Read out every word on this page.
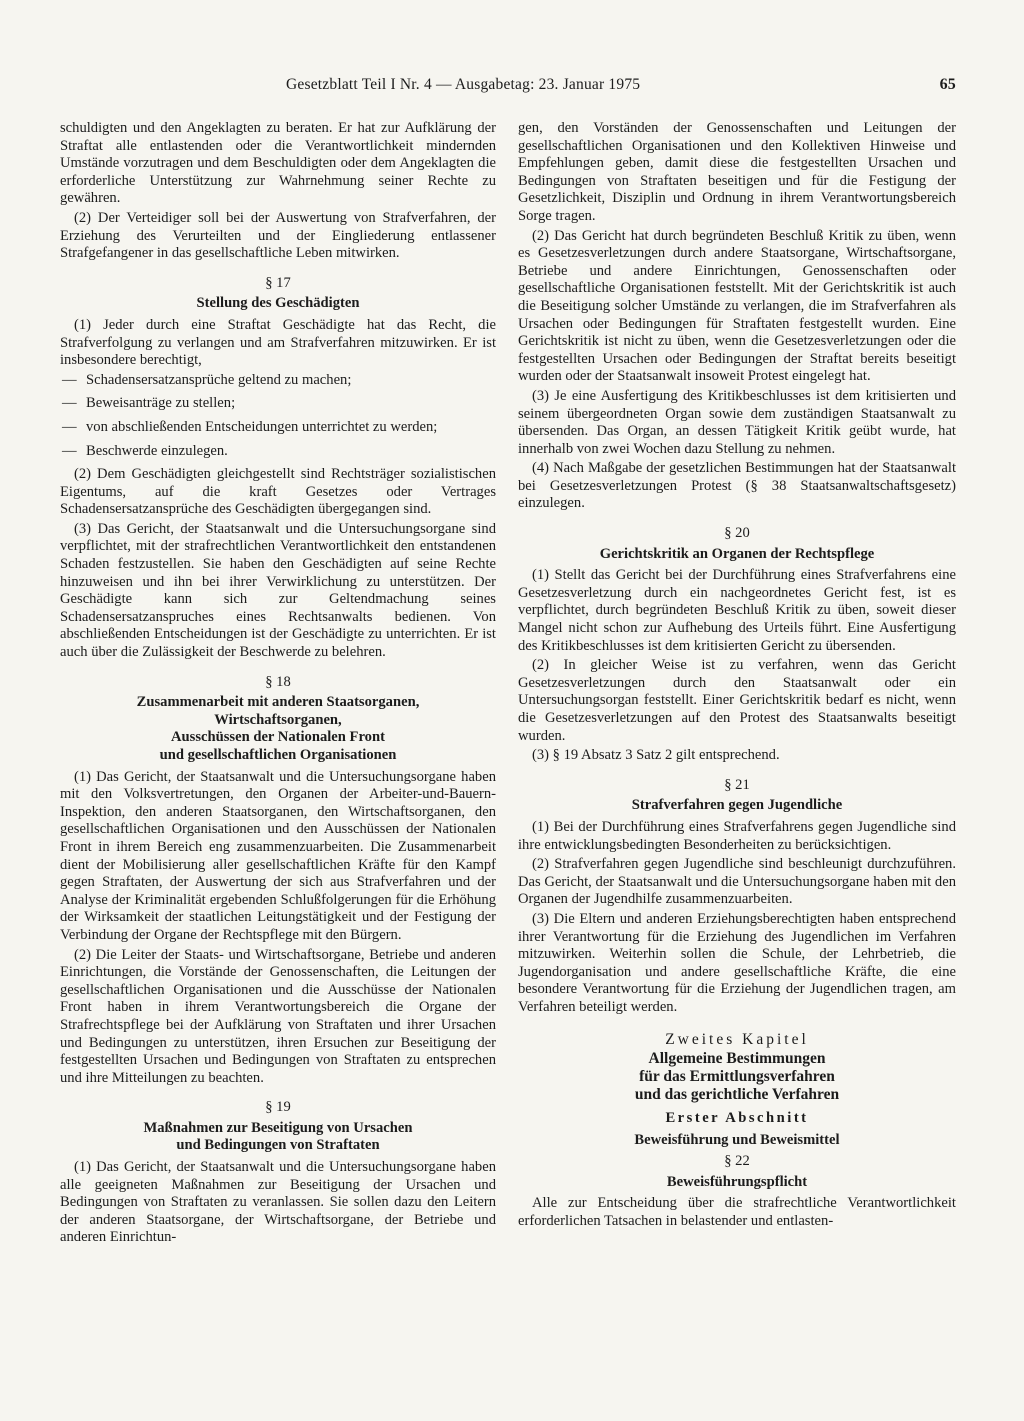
Gesetzblatt Teil I Nr. 4 — Ausgabetag: 23. Januar 1975	65

schuldigten und den Angeklagten zu beraten. Er hat zur Aufklärung der Straftat alle entlastenden oder die Verantwortlichkeit mindernden Umstände vorzutragen und dem Beschuldigten oder dem Angeklagten die erforderliche Unterstützung zur Wahrnehmung seiner Rechte zu gewähren.

(2) Der Verteidiger soll bei der Auswertung von Strafverfahren, der Erziehung des Verurteilten und der Eingliederung entlassener Strafgefangener in das gesellschaftliche Leben mitwirken.

§ 17
Stellung des Geschädigten

(1) Jeder durch eine Straftat Geschädigte hat das Recht, die Strafverfolgung zu verlangen und am Strafverfahren mitzuwirken. Er ist insbesondere berechtigt,

— Schadensersatzansprüche geltend zu machen;
— Beweisanträge zu stellen;
— von abschließenden Entscheidungen unterrichtet zu werden;
— Beschwerde einzulegen.

(2) Dem Geschädigten gleichgestellt sind Rechtsträger sozialistischen Eigentums, auf die kraft Gesetzes oder Vertrages Schadensersatzansprüche des Geschädigten übergegangen sind.

(3) Das Gericht, der Staatsanwalt und die Untersuchungsorgane sind verpflichtet, mit der strafrechtlichen Verantwortlichkeit den entstandenen Schaden festzustellen. Sie haben den Geschädigten auf seine Rechte hinzuweisen und ihn bei ihrer Verwirklichung zu unterstützen. Der Geschädigte kann sich zur Geltendmachung seines Schadensersatzanspruches eines Rechtsanwalts bedienen. Von abschließenden Entscheidungen ist der Geschädigte zu unterrichten. Er ist auch über die Zulässigkeit der Beschwerde zu belehren.

§ 18
Zusammenarbeit mit anderen Staatsorganen,
Wirtschaftsorganen,
Ausschüssen der Nationalen Front
und gesellschaftlichen Organisationen

(1) Das Gericht, der Staatsanwalt und die Untersuchungsorgane haben mit den Volksvertretungen, den Organen der Arbeiter-und-Bauern-Inspektion, den anderen Staatsorganen, den Wirtschaftsorganen, den gesellschaftlichen Organisationen und den Ausschüssen der Nationalen Front in ihrem Bereich eng zusammenzuarbeiten. Die Zusammenarbeit dient der Mobilisierung aller gesellschaftlichen Kräfte für den Kampf gegen Straftaten, der Auswertung der sich aus Strafverfahren und der Analyse der Kriminalität ergebenden Schlußfolgerungen für die Erhöhung der Wirksamkeit der staatlichen Leitungstätigkeit und der Festigung der Verbindung der Organe der Rechtspflege mit den Bürgern.

(2) Die Leiter der Staats- und Wirtschaftsorgane, Betriebe und anderen Einrichtungen, die Vorstände der Genossenschaften, die Leitungen der gesellschaftlichen Organisationen und die Ausschüsse der Nationalen Front haben in ihrem Verantwortungsbereich die Organe der Strafrechtspflege bei der Aufklärung von Straftaten und ihrer Ursachen und Bedingungen zu unterstützen, ihren Ersuchen zur Beseitigung der festgestellten Ursachen und Bedingungen von Straftaten zu entsprechen und ihre Mitteilungen zu beachten.

§ 19
Maßnahmen zur Beseitigung von Ursachen
und Bedingungen von Straftaten

(1) Das Gericht, der Staatsanwalt und die Untersuchungsorgane haben alle geeigneten Maßnahmen zur Beseitigung der Ursachen und Bedingungen von Straftaten zu veranlassen. Sie sollen dazu den Leitern der anderen Staatsorgane, der Wirtschaftsorgane, der Betriebe und anderen Einrichtun-

gen, den Vorständen der Genossenschaften und Leitungen der gesellschaftlichen Organisationen und den Kollektiven Hinweise und Empfehlungen geben, damit diese die festgestellten Ursachen und Bedingungen von Straftaten beseitigen und für die Festigung der Gesetzlichkeit, Disziplin und Ordnung in ihrem Verantwortungsbereich Sorge tragen.

(2) Das Gericht hat durch begründeten Beschluß Kritik zu üben, wenn es Gesetzesverletzungen durch andere Staatsorgane, Wirtschaftsorgane, Betriebe und andere Einrichtungen, Genossenschaften oder gesellschaftliche Organisationen feststellt. Mit der Gerichtskritik ist auch die Beseitigung solcher Umstände zu verlangen, die im Strafverfahren als Ursachen oder Bedingungen für Straftaten festgestellt wurden. Eine Gerichtskritik ist nicht zu üben, wenn die Gesetzesverletzungen oder die festgestellten Ursachen oder Bedingungen der Straftat bereits beseitigt wurden oder der Staatsanwalt insoweit Protest eingelegt hat.

(3) Je eine Ausfertigung des Kritikbeschlusses ist dem kritisierten und seinem übergeordneten Organ sowie dem zuständigen Staatsanwalt zu übersenden. Das Organ, an dessen Tätigkeit Kritik geübt wurde, hat innerhalb von zwei Wochen dazu Stellung zu nehmen.

(4) Nach Maßgabe der gesetzlichen Bestimmungen hat der Staatsanwalt bei Gesetzesverletzungen Protest (§ 38 Staatsanwaltschaftsgesetz) einzulegen.

§ 20
Gerichtskritik an Organen der Rechtspflege

(1) Stellt das Gericht bei der Durchführung eines Strafverfahrens eine Gesetzesverletzung durch ein nachgeordnetes Gericht fest, ist es verpflichtet, durch begründeten Beschluß Kritik zu üben, soweit dieser Mangel nicht schon zur Aufhebung des Urteils führt. Eine Ausfertigung des Kritikbeschlusses ist dem kritisierten Gericht zu übersenden.

(2) In gleicher Weise ist zu verfahren, wenn das Gericht Gesetzesverletzungen durch den Staatsanwalt oder ein Untersuchungsorgan feststellt. Einer Gerichtskritik bedarf es nicht, wenn die Gesetzesverletzungen auf den Protest des Staatsanwalts beseitigt wurden.

(3) § 19 Absatz 3 Satz 2 gilt entsprechend.

§ 21
Strafverfahren gegen Jugendliche

(1) Bei der Durchführung eines Strafverfahrens gegen Jugendliche sind ihre entwicklungsbedingten Besonderheiten zu berücksichtigen.

(2) Strafverfahren gegen Jugendliche sind beschleunigt durchzuführen. Das Gericht, der Staatsanwalt und die Untersuchungsorgane haben mit den Organen der Jugendhilfe zusammenzuarbeiten.

(3) Die Eltern und anderen Erziehungsberechtigten haben entsprechend ihrer Verantwortung für die Erziehung des Jugendlichen im Verfahren mitzuwirken. Weiterhin sollen die Schule, der Lehrbetrieb, die Jugendorganisation und andere gesellschaftliche Kräfte, die eine besondere Verantwortung für die Erziehung der Jugendlichen tragen, am Verfahren beteiligt werden.

Zweites Kapitel
Allgemeine Bestimmungen
für das Ermittlungsverfahren
und das gerichtliche Verfahren
Erster Abschnitt
Beweisführung und Beweismittel
§ 22
Beweisführungspflicht

Alle zur Entscheidung über die strafrechtliche Verantwortlichkeit erforderlichen Tatsachen in belastender und entlasten-
